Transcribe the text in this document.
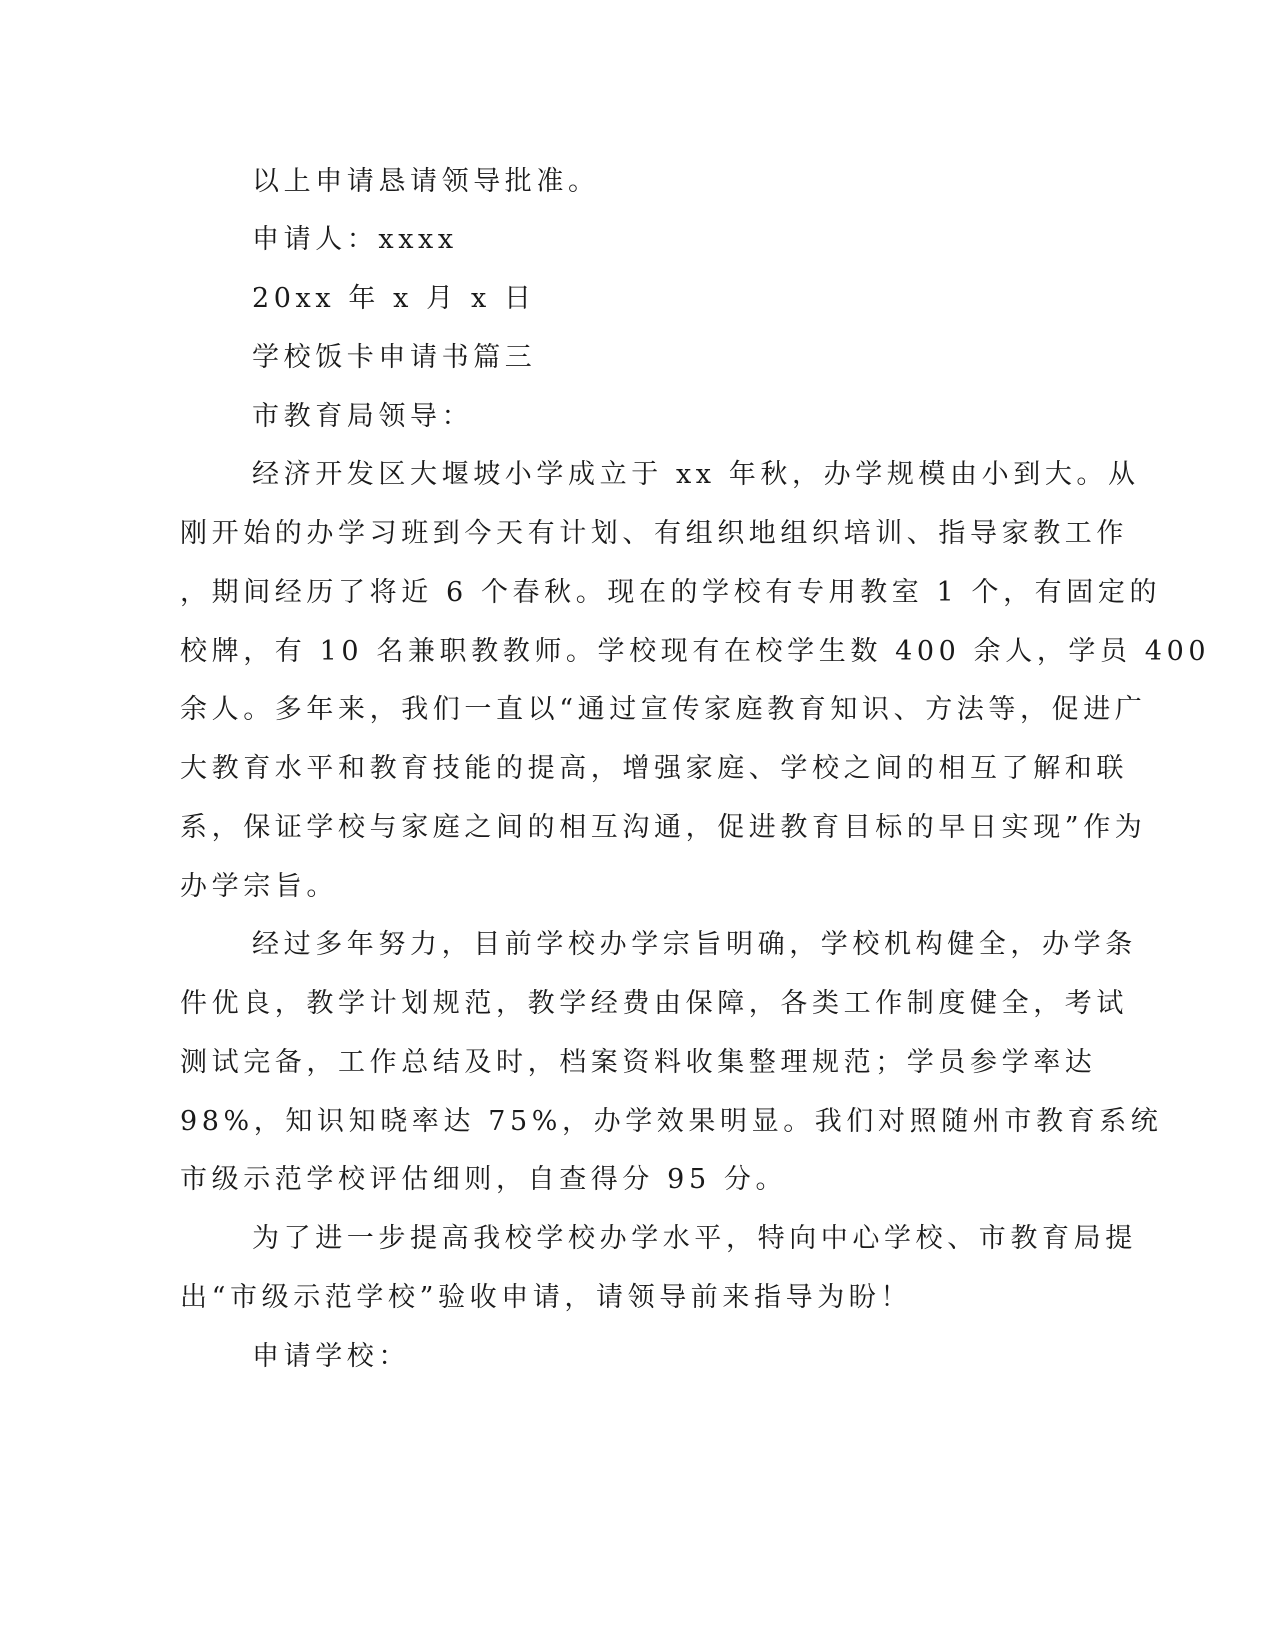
以上申请恳请领导批准。
申请人：xxxx
20xx 年 x 月 x 日
学校饭卡申请书篇三
市教育局领导：
经济开发区大堰坡小学成立于 xx 年秋，办学规模由小到大。从
刚开始的办学习班到今天有计划、有组织地组织培训、指导家教工作
，期间经历了将近 6 个春秋。现在的学校有专用教室 1 个，有固定的
校牌，有 10 名兼职教教师。学校现有在校学生数 400 余人，学员 400
余人。多年来，我们一直以“通过宣传家庭教育知识、方法等，促进广
大教育水平和教育技能的提高，增强家庭、学校之间的相互了解和联
系，保证学校与家庭之间的相互沟通，促进教育目标的早日实现”作为
办学宗旨。
经过多年努力，目前学校办学宗旨明确，学校机构健全，办学条
件优良，教学计划规范，教学经费由保障，各类工作制度健全，考试
测试完备，工作总结及时，档案资料收集整理规范；学员参学率达
98%，知识知晓率达 75%，办学效果明显。我们对照随州市教育系统
市级示范学校评估细则，自查得分 95 分。
为了进一步提高我校学校办学水平，特向中心学校、市教育局提
出“市级示范学校”验收申请，请领导前来指导为盼！
申请学校：
